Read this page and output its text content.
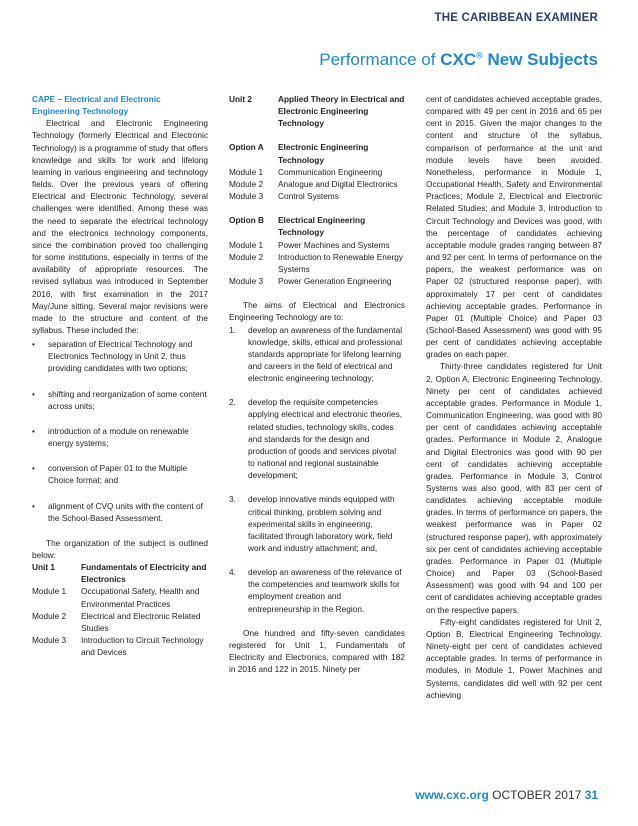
THE CARIBBEAN EXAMINER
Performance of CXC® New Subjects
CAPE – Electrical and Electronic
Engineering Technology

Electrical and Electronic Engineering Technology (formerly Electrical and Electronic Technology) is a programme of study that offers knowledge and skills for work and lifelong learning in various engineering and technology fields. Over the previous years of offering Electrical and Electronic Technology, several challenges were identified. Among these was the need to separate the electrical technology and the electronics technology components, since the combination proved too challenging for some institutions, especially in terms of the availability of appropriate resources. The revised syllabus was introduced in September 2016, with first examination in the 2017 May/June sitting. Several major revisions were made to the structure and content of the syllabus. These included the:

•	separation of Electrical Technology and Electronics Technology in Unit 2, thus providing candidates with two options;
•	shifting and reorganization of some content across units;
•	introduction of a module on renewable energy systems;
•	conversion of Paper 01 to the Multiple Choice format; and
•	alignment of CVQ units with the content of the School-Based Assessment.

The organization of the subject is outlined below:

Unit 1	Fundamentals of Electricity and Electronics
Module 1	Occupational Safety, Health and Environmental Practices
Module 2	Electrical and Electronic Related Studies
Module 3	Introduction to Circuit Technology and Devices
Unit 2	Applied Theory in Electrical and Electronic Engineering Technology
Option A	Electronic Engineering Technology
Module 1	Communication Engineering
Module 2	Analogue and Digital Electronics
Module 3	Control Systems
Option B	Electrical Engineering Technology
Module 1	Power Machines and Systems
Module 2	Introduction to Renewable Energy Systems
Module 3	Power Generation Engineering

The aims of Electrical and Electronics Engineering Technology are to:

1.	develop an awareness of the fundamental knowledge, skills, ethical and professional standards appropriate for lifelong learning and careers in the field of electrical and electronic engineering technology;
2.	develop the requisite competencies applying electrical and electronic theories, related studies, technology skills, codes and standards for the design and production of goods and services pivotal to national and regional sustainable development;
3.	develop innovative minds equipped with critical thinking, problem solving and experimental skills in engineering, facilitated through laboratory work, field work and industry attachment; and,
4.	develop an awareness of the relevance of the competencies and teamwork skills for employment creation and entrepreneurship in the Region.

One hundred and fifty-seven candidates registered for Unit 1, Fundamentals of Electricity and Electronics, compared with 182 in 2016 and 122 in 2015. Ninety per

cent of candidates achieved acceptable grades, compared with 49 per cent in 2016 and 65 per cent in 2015. Given the major changes to the content and structure of the syllabus, comparison of performance at the unit and module levels have been avoided. Nonetheless, performance in Module 1, Occupational Health, Safety and Environmental Practices; Module 2, Electrical and Electronic Related Studies; and Module 3, Introduction to Circuit Technology and Devices was good, with the percentage of candidates achieving acceptable module grades ranging between 87 and 92 per cent. In terms of performance on the papers, the weakest performance was on Paper 02 (structured response paper), with approximately 17 per cent of candidates achieving acceptable grades. Performance in Paper 01 (Multiple Choice) and Paper 03 (School-Based Assessment) was good with 95 per cent of candidates achieving acceptable grades on each paper.

Thirty-three candidates registered for Unit 2, Option A, Electronic Engineering Technology. Ninety per cent of candidates achieved acceptable grades. Performance in Module 1, Communication Engineering, was good with 80 per cent of candidates achieving acceptable grades. Performance in Module 2, Analogue and Digital Electronics was good with 90 per cent of candidates achieving acceptable grades. Performance in Module 3, Control Systems was also good, with 83 per cent of candidates achieving acceptable module grades. In terms of performance on papers, the weakest performance was in Paper 02 (structured response paper), with approximately six per cent of candidates achieving acceptable grades. Performance in Paper 01 (Multiple Choice) and Paper 03 (School-Based Assessment) was good with 94 and 100 per cent of candidates achieving acceptable grades on the respective papers.

Fifty-eight candidates registered for Unit 2, Option B, Electrical Engineering Technology. Ninety-eight per cent of candidates achieved acceptable grades. In terms of performance in modules, in Module 1, Power Machines and Systems, candidates did well with 92 per cent achieving

www.cxc.org OCTOBER 2017 31
